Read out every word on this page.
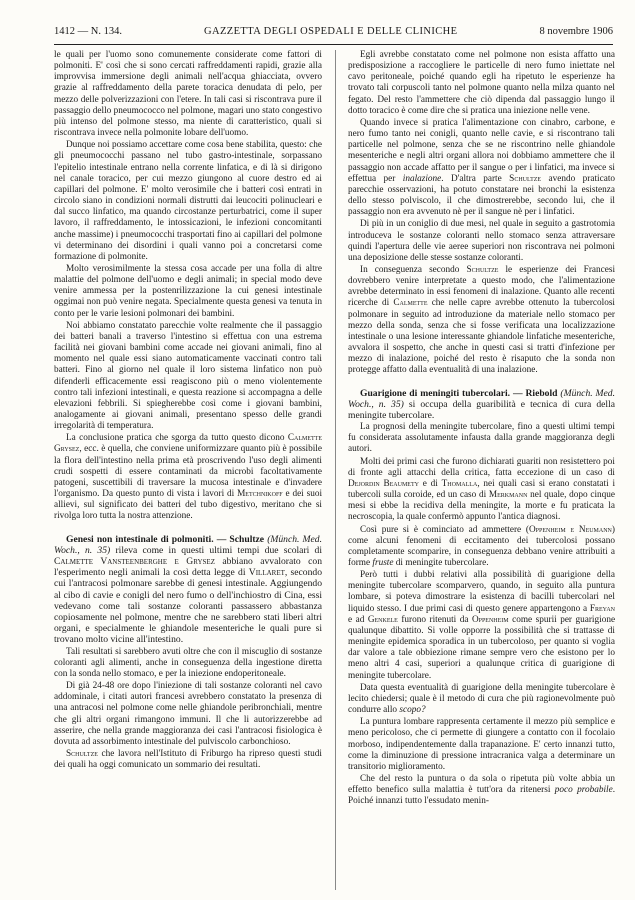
1412 — N. 134.	GAZZETTA DEGLI OSPEDALI E DELLE CLINICHE	8 novembre 1906

le quali per l'uomo sono comunemente considerate come fattori di polmoniti. E' così che si sono cercati raffreddamenti rapidi, grazie alla improvvisa immersione degli animali nell'acqua ghiacciata, ovvero grazie al raffreddamento della parete toracica denudata di pelo, per mezzo delle polverizzazioni con l'etere. In tali casi si riscontrava pure il passaggio dello pneumococco nel polmone, magari uno stato congestivo più intenso del polmone stesso, ma niente di caratteristico, quali si riscontrava invece nella polmonite lobare dell'uomo.

Dunque noi possiamo accettare come cosa bene stabilita, questo: che gli pneumococchi passano nel tubo gastro-intestinale, sorpassano l'epitelio intestinale entrano nella corrente linfatica, e di là si dirigono nel canale toracico, per cui mezzo giungono al cuore destro ed ai capillari del polmone. E' molto verosimile che i batteri così entrati in circolo siano in condizioni normali distrutti dai leucociti polinucleari e dal succo linfatico, ma quando circostanze perturbatrici, come il super lavoro, il raffreddamento, le intossicazioni, le infezioni concomitanti anche massime) i pneumococchi trasportati fino ai capillari del polmone vi determinano dei disordini i quali vanno poi a concretarsi come formazione di polmonite.

Molto verosimilmente la stessa cosa accade per una folla di altre malattie del polmone dell'uomo e degli animali; in special modo deve venire ammessa per la postenrilizzazione la cui genesi intestinale oggimai non può venire negata. Specialmente questa genesi va tenuta in conto per le varie lesioni polmonari dei bambini.

Noi abbiamo constatato parecchie volte realmente che il passaggio dei batteri banali a traverso l'intestino si effettua con una estrema facilità nei giovani bambini come accade nei giovani animali, fino al momento nel quale essi siano automaticamente vaccinati contro tali batteri. Fino al giorno nel quale il loro sistema linfatico non può difenderli efficacemente essi reagiscono più o meno violentemente contro tali infezioni intestinali, e questa reazione si accompagna a delle elevazioni febbrili. Si spiegherebbe così come i giovani bambini, analogamente ai giovani animali, presentano spesso delle grandi irregolarità di temperatura.

La conclusione pratica che sgorga da tutto questo dicono Calmette Grysez, ecc. è quella, che conviene uniformizzare quanto più è possibile la flora dell'intestino nella prima età proscrivendo l'uso degli alimenti crudi sospetti di essere contaminati da microbi facoltativamente patogeni, suscettibili di traversare la mucosa intestinale e d'invadere l'organismo. Da questo punto di vista i lavori di Metchnikoff e dei suoi allievi, sul significato dei batteri del tubo digestivo, meritano che si rivolga loro tutta la nostra attenzione.

Genesi non intestinale di polmoniti. — Schultze (Münch. Med. Woch., n. 35) rileva come in questi ultimi tempi due scolari di Calmette Vansteenberghe e Grysez abbiano avvalorato con l'esperimento negli animali la così detta legge di Villaret, secondo cui l'antracosi polmonare sarebbe di genesi intestinale. Aggiungendo al cibo di cavie e conigli del nero fumo o dell'inchiostro di Cina, essi vedevano come tali sostanze coloranti passassero abbastanza copiosamente nel polmone, mentre che ne sarebbero stati liberi altri organi, e specialmente le ghiandole mesenteriche le quali pure si trovano molto vicine all'intestino.

Tali resultati si sarebbero avuti oltre che con il miscuglio di sostanze coloranti agli alimenti, anche in conseguenza della ingestione diretta con la sonda nello stomaco, e per la iniezione endoperitoneale.

Di già 24-48 ore dopo l'iniezione di tali sostanze coloranti nel cavo addominale, i citati autori francesi avrebbero constatato la presenza di una antracosi nel polmone come nelle ghiandole peribronchiali, mentre che gli altri organi rimangono immuni. Il che li autorizzerebbe ad asserire, che nella grande maggioranza dei casi l'antracosi fisiologica è dovuta ad assorbimento intestinale del pulviscolo carbonchioso.

Schultze che lavora nell'Istituto di Friburgo ha ripreso questi studi dei quali ha oggi comunicato un sommario dei resultati.

Egli avrebbe constatato come nel polmone non esista affatto una predisposizione a raccogliere le particelle di nero fumo iniettate nel cavo peritoneale, poiché quando egli ha ripetuto le esperienze ha trovato tali corpuscoli tanto nel polmone quanto nella milza quanto nel fegato. Del resto l'ammettere che ciò dipenda dal passaggio lungo il dotto toracico è come dire che si pratica una iniezione nelle vene.

Quando invece si pratica l'alimentazione con cinabro, carbone, e nero fumo tanto nei conigli, quanto nelle cavie, e si riscontrano tali particelle nel polmone, senza che se ne riscontrino nelle ghiandole mesenteriche e negli altri organi allora noi dobbiamo ammettere che il passaggio non accade affatto per il sangue o per i linfatici, ma invece si effettua per inalazione. D'altra parte Schultze avendo praticato parecchie osservazioni, ha potuto constatare nei bronchi la esistenza dello stesso polviscolo, il che dimostrerebbe, secondo lui, che il passaggio non era avvenuto nè per il sangue nè per i linfatici.

Di più in un coniglio di due mesi, nel quale in seguito a gastrotomia introduceva le sostanze coloranti nello stomaco senza attraversare quindi l'apertura delle vie aeree superiori non riscontrava nei polmoni una deposizione delle stesse sostanze coloranti.

In conseguenza secondo Schultze le esperienze dei Francesi dovrebbero venire interpretate a questo modo, che l'alimentazione avrebbe determinato in essi fenomeni di inalazione. Quanto alle recenti ricerche di Calmette che nelle capre avrebbe ottenuto la tubercolosi polmonare in seguito ad introduzione da materiale nello stomaco per mezzo della sonda, senza che si fosse verificata una localizzazione intestinale o una lesione interessante ghiandole linfatiche mesenteriche, avvalora il sospetto, che anche in questi casi si tratti d'infezione per mezzo di inalazione, poiché del resto è risaputo che la sonda non protegge affatto dalla eventualità di una inalazione.

Guarigione di meningiti tubercolari. — Riebold (Münch. Med. Woch., n. 35) si occupa della guaribilità e tecnica di cura della meningite tubercolare.

La prognosi della meningite tubercolare, fino a questi ultimi tempi fu considerata assolutamente infausta dalla grande maggioranza degli autori.

Molti dei primi casi che furono dichiarati guariti non resistettero poi di fronte agli attacchi della critica, fatta eccezione di un caso di Dejordin Beaumety e di Thomalla, nei quali casi si erano constatati i tubercoli sulla coroide, ed un caso di Merkmann nel quale, dopo cinque mesi si ebbe la recidiva della meningite, la morte e fu praticata la necroscopia, la quale confermò appunto l'antica diagnosi.

Così pure si è cominciato ad ammettere (Oppenheim e Neumann) come alcuni fenomeni di eccitamento dei tubercolosi possano completamente scomparire, in conseguenza debbano venire attribuiti a forme fruste di meningite tubercolare.

Però tutti i dubbi relativi alla possibilità di guarigione della meningite tubercolare scomparvero, quando, in seguito alla puntura lombare, si poteva dimostrare la esistenza di bacilli tubercolari nel liquido stesso. I due primi casi di questo genere appartengono a Freyan e ad Genkele furono ritenuti da Oppenheim come spurii per guarigione qualunque dibattito. Si volle opporre la possibilità che si trattasse di meningite epidemica sporadica in un tubercoloso, per quanto si voglia dar valore a tale obbiezione rimane sempre vero che esistono per lo meno altri 4 casi, superiori a qualunque critica di guarigione di meningite tubercolare.

Data questa eventualità di guarigione della meningite tubercolare è lecito chiedersi; quale è il metodo di cura che più ragionevolmente può condurre allo scopo?

La puntura lombare rappresenta certamente il mezzo più semplice e meno pericoloso, che ci permette di giungere a contatto con il focolaio morboso, indipendentemente dalla trapanazione. E' certo innanzi tutto, come la diminuzione di pressione intracranica valga a determinare un transitorio miglioramento.

Che del resto la puntura o da sola o ripetuta più volte abbia un effetto benefico sulla malattia è tutt'ora da ritenersi poco probabile. Poiché innanzi tutto l'essudato menin-
